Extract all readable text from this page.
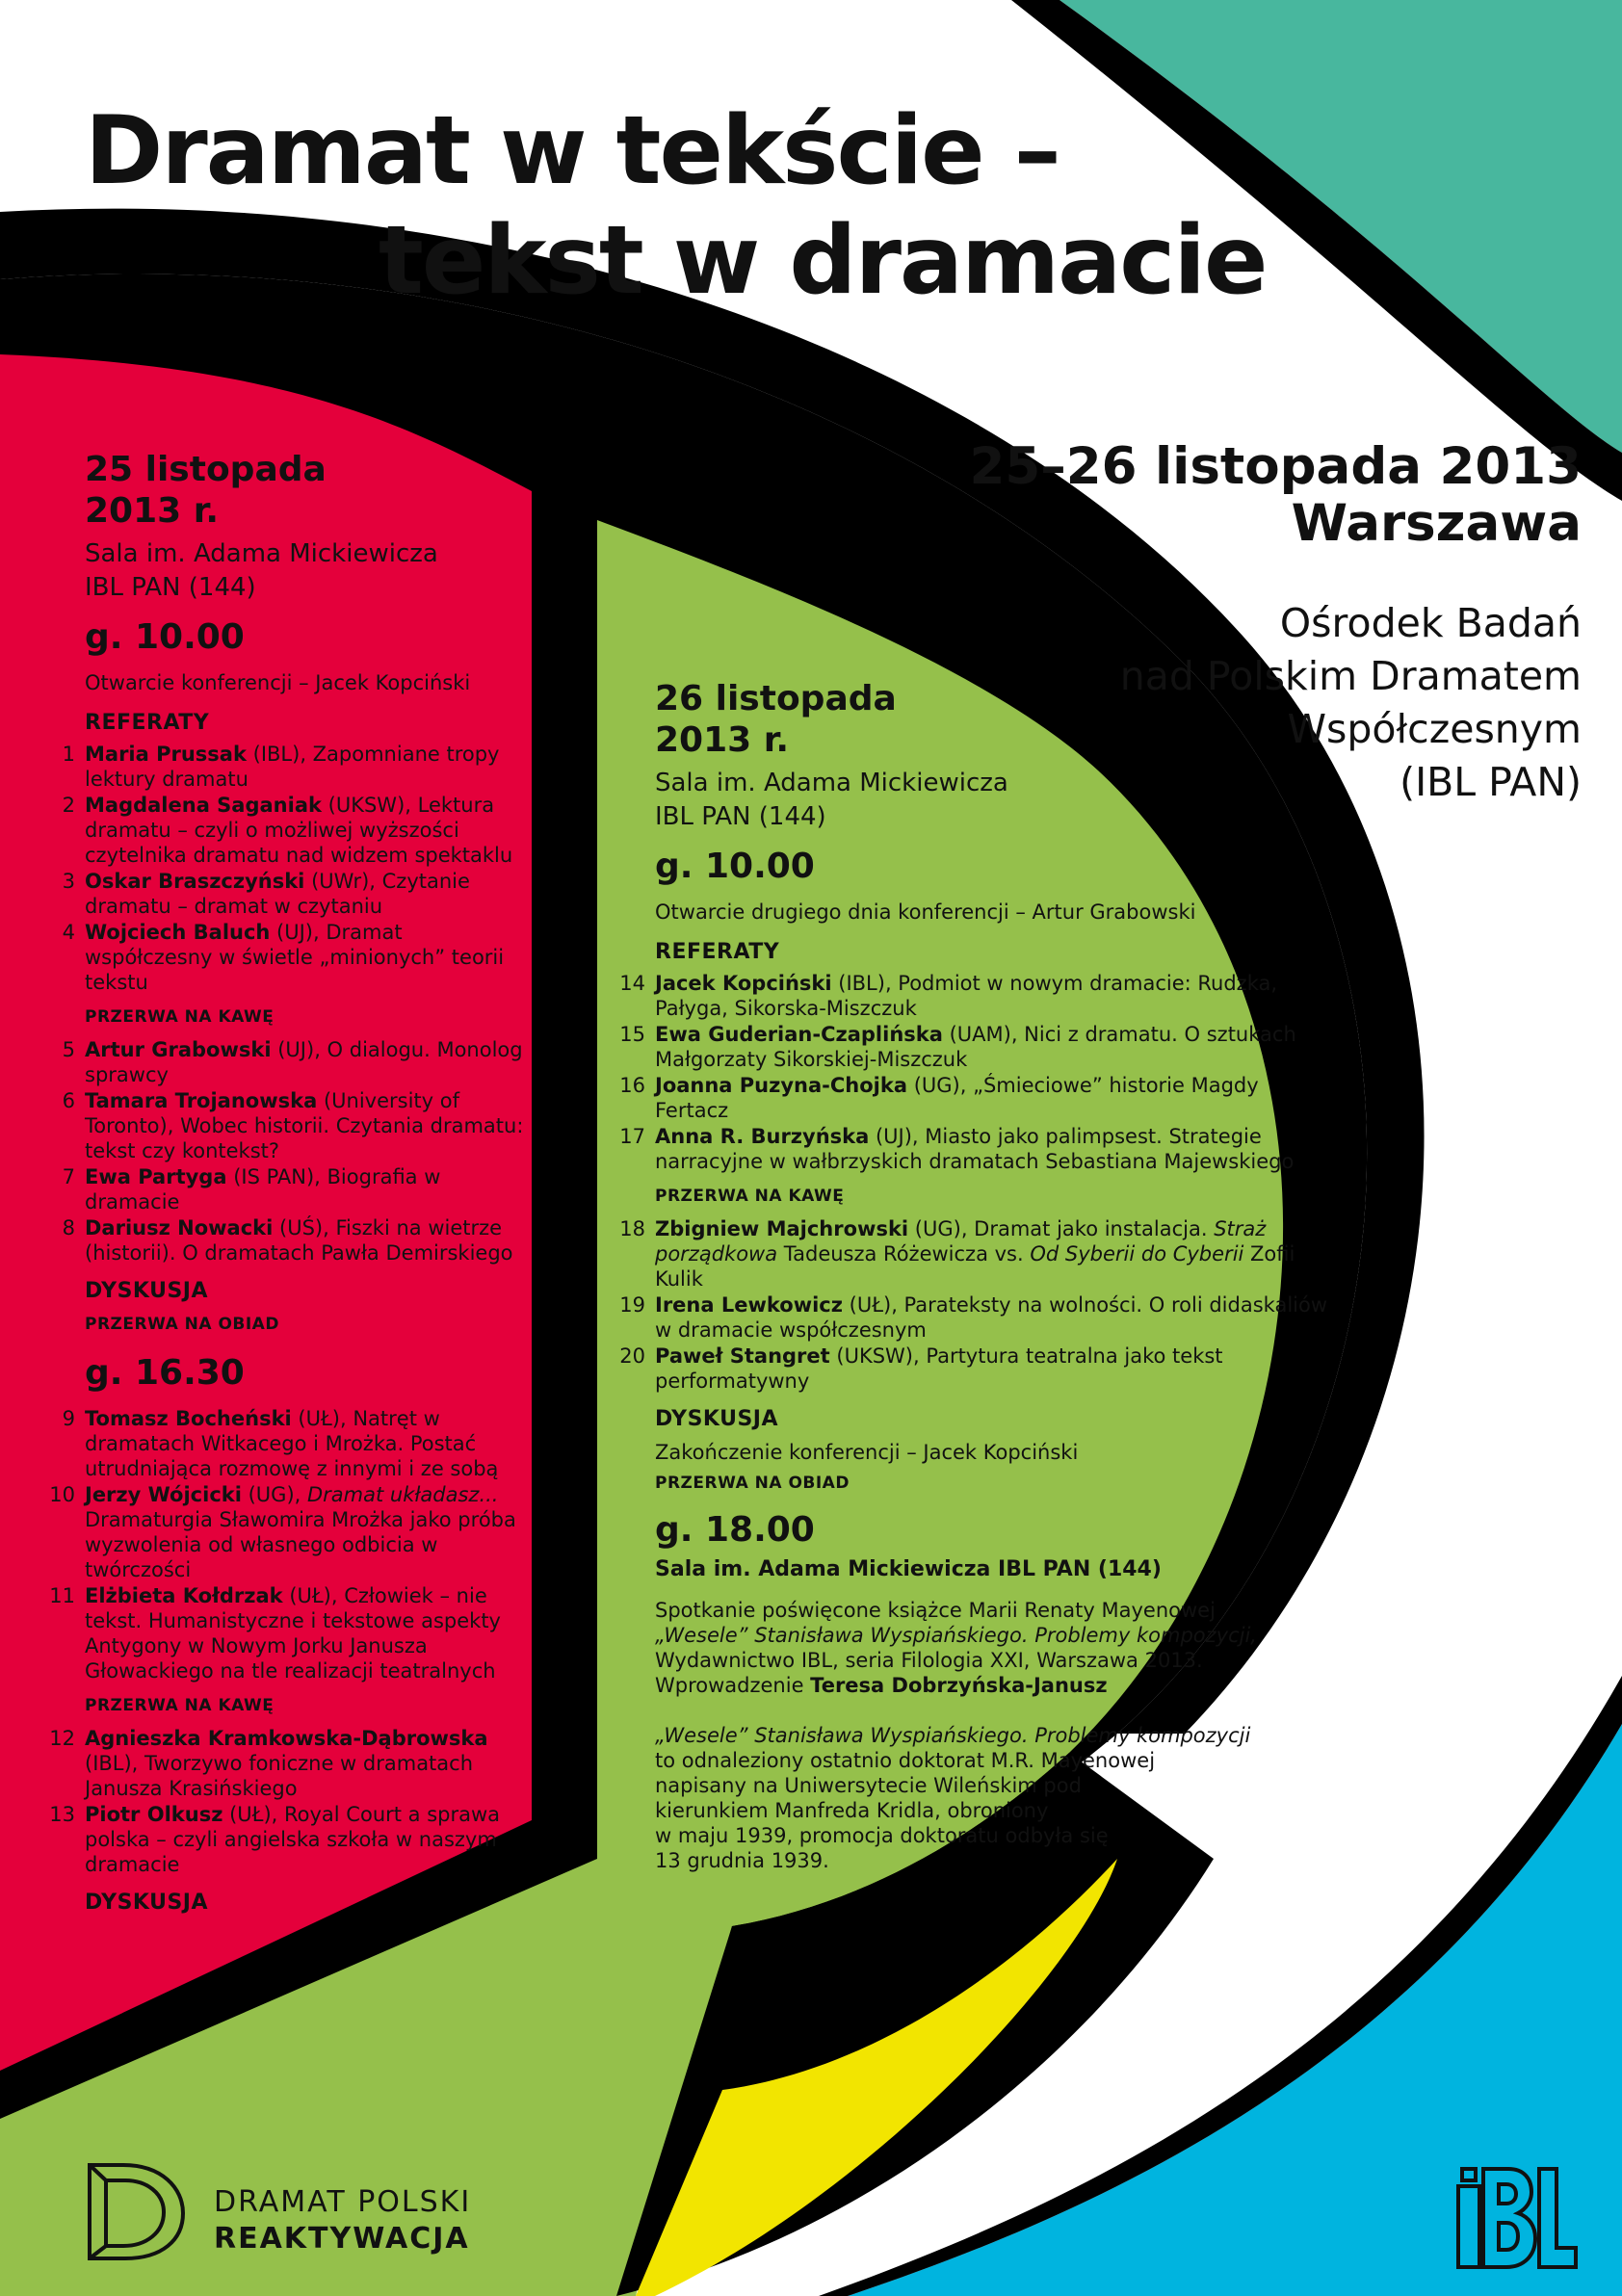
Dramat w tekście –
tekst w dramacie
25–26 listopada 2013
Warszawa
Ośrodek Badań
nad Polskim Dramatem
Współczesnym
(IBL PAN)
25 listopada
2013 r.
Sala im. Adama Mickiewicza
IBL PAN (144)
g. 10.00
Otwarcie konferencji – Jacek Kopciński
REFERATY
1 Maria Prussak (IBL), Zapomniane tropy lektury dramatu
2 Magdalena Saganiak (UKSW), Lektura dramatu – czyli o możliwej wyższości czytelnika dramatu nad widzem spektaklu
3 Oskar Braszczyński (UWr), Czytanie dramatu – dramat w czytaniu
4 Wojciech Baluch (UJ), Dramat współczesny w świetle „minionych” teorii tekstu
PRZERWA NA KAWĘ
5 Artur Grabowski (UJ), O dialogu. Monolog sprawcy
6 Tamara Trojanowska (University of Toronto), Wobec historii. Czytania dramatu: tekst czy kontekst?
7 Ewa Partyga (IS PAN), Biografia w dramacie
8 Dariusz Nowacki (UŚ), Fiszki na wietrze (historii). O dramatach Pawła Demirskiego
DYSKUSJA
PRZERWA NA OBIAD
g. 16.30
9 Tomasz Bocheński (UŁ), Natręt w dramatach Witkacego i Mrożka. Postać utrudniająca rozmowę z innymi i ze sobą
10 Jerzy Wójcicki (UG), Dramat układasz... Dramaturgia Sławomira Mrożka jako próba wyzwolenia od własnego odbicia w twórczości
11 Elżbieta Kołdrzak (UŁ), Człowiek – nie tekst. Humanistyczne i tekstowe aspekty Antygony w Nowym Jorku Janusza Głowackiego na tle realizacji teatralnych
PRZERWA NA KAWĘ
12 Agnieszka Kramkowska-Dąbrowska (IBL), Tworzywo foniczne w dramatach Janusza Krasińskiego
13 Piotr Olkusz (UŁ), Royal Court a sprawa polska – czyli angielska szkoła w naszym dramacie
DYSKUSJA
26 listopada
2013 r.
Sala im. Adama Mickiewicza
IBL PAN (144)
g. 10.00
Otwarcie drugiego dnia konferencji – Artur Grabowski
REFERATY
14 Jacek Kopciński (IBL), Podmiot w nowym dramacie: Rudzka, Pałyga, Sikorska-Miszczuk
15 Ewa Guderian-Czaplińska (UAM), Nici z dramatu. O sztukach Małgorzaty Sikorskiej-Miszczuk
16 Joanna Puzyna-Chojka (UG), „Śmieciowe” historie Magdy Fertacz
17 Anna R. Burzyńska (UJ), Miasto jako palimpsest. Strategie narracyjne w wałbrzyskich dramatach Sebastiana Majewskiego
PRZERWA NA KAWĘ
18 Zbigniew Majchrowski (UG), Dramat jako instalacja. Straż porządkowa Tadeusza Różewicza vs. Od Syberii do Cyberii Zofii Kulik
19 Irena Lewkowicz (UŁ), Parateksty na wolności. O roli didaskaliów w dramacie współczesnym
20 Paweł Stangret (UKSW), Partytura teatralna jako tekst performatywny
DYSKUSJA
Zakończenie konferencji – Jacek Kopciński
PRZERWA NA OBIAD
g. 18.00
Sala im. Adama Mickiewicza IBL PAN (144)
Spotkanie poświęcone książce Marii Renaty Mayenowej
„Wesele” Stanisława Wyspiańskiego. Problemy kompozycji,
Wydawnictwo IBL, seria Filologia XXI, Warszawa 2013.
Wprowadzenie Teresa Dobrzyńska-Janusz
„Wesele” Stanisława Wyspiańskiego. Problemy kompozycji
to odnaleziony ostatnio doktorat M.R. Mayenowej
napisany na Uniwersytecie Wileńskim pod
kierunkiem Manfreda Kridla, obroniony
w maju 1939, promocja doktoratu odbyła się
13 grudnia 1939.
DRAMAT POLSKI
REAKTYWACJA
